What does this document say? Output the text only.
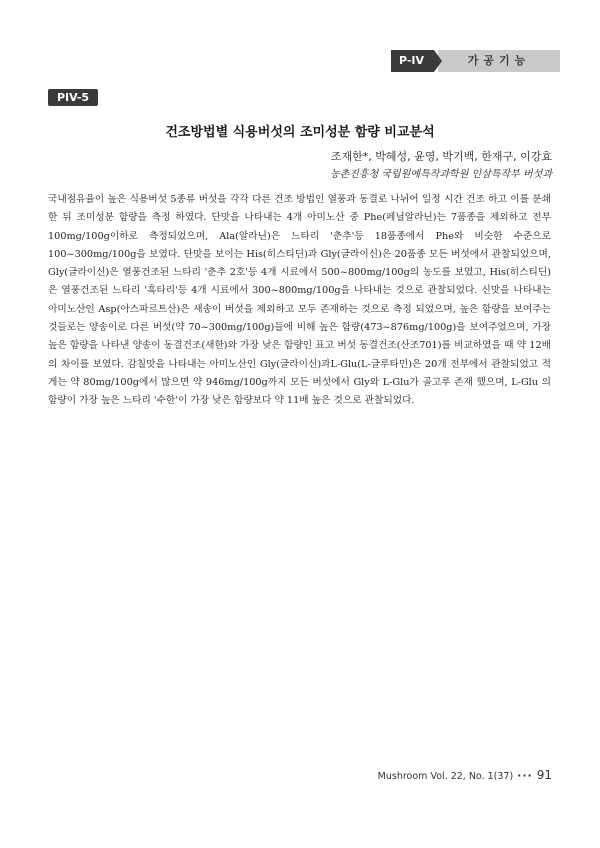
P-IV	가공기능
PIV-5
건조방법별 식용버섯의 조미성분 함량 비교분석
조재한*, 박혜성, 윤영, 박기백, 한재구, 이강효
농촌진흥청 국립원예특작과학원 인삼특작부 버섯과

국내점유율이 높은 식용버섯 5종류 버섯을 각각 다른 건조 방법인 열풍과 동결로 나뉘어 일정 시간 건조 하고 이를 분쇄한 뒤 조미성분 함량을 측정 하였다. 단맛을 나타내는 4개 아미노산 중 Phe(페닐알라닌)는 7품종을 제외하고 전부 100mg/100g이하로 측정되었으며, Ala(알라닌)은 느타리 '춘추'등 18품종에서 Phe와 비슷한 수준으로 100~300mg/100g을 보였다. 단맛을 보이는 His(히스티딘)과 Gly(글라이신)은 20품종 모든 버섯에서 관찰되었으며, Gly(글라이신)은 열풍건조된 느타리 '춘추 2호'등 4개 시료에서 500~800mg/100g의 농도를 보였고, His(히스티딘)은 열풍건조된 느타리 '흑타리'등 4개 시료에서 300~800mg/100g을 나타내는 것으로 관찰되었다. 신맛을 나타내는 아미노산인 Asp(아스파르트산)은 새송이 버섯을 제외하고 모두 존재하는 것으로 측정 되었으며, 높은 함량을 보여주는 것들로는 양송이로 다른 버섯(약 70~300mg/100g)들에 비해 높은 함량(473~876mg/100g)을 보여주었으며, 가장 높은 함량을 나타낸 양송이 동결건조(새한)와 가장 낮은 함량인 표고 버섯 동결건조(산조701)를 비교하였을 때 약 12배의 차이를 보였다. 감칠맛을 나타내는 아미노산인 Gly(글라이신)과L-Glu(L-글루타민)은 20개 전부에서 관찰되었고 적게는 약 80mg/100g에서 많으면 약 946mg/100g까지 모든 버섯에서 Gly와 L-Glu가 골고루 존재 했으며, L-Glu 의 함량이 가장 높은 느타리 '수한'이 가장 낮은 함량보다 약 11배 높은 것으로 관찰되었다.

Mushroom Vol. 22, No. 1(37) ··· 91
